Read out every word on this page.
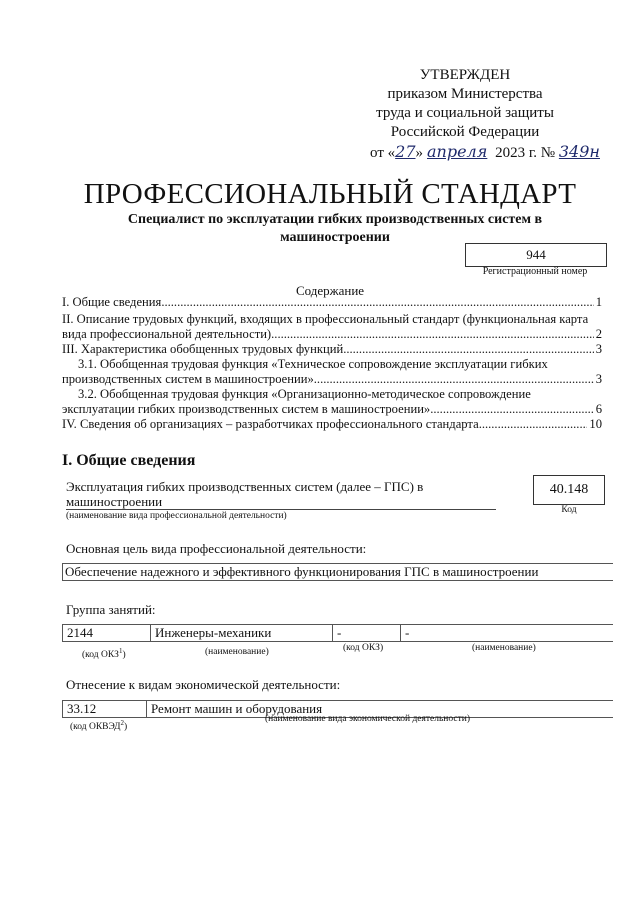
УТВЕРЖДЕН
приказом Министерства
труда и социальной защиты
Российской Федерации
от «27» апреля 2023 г. № 349н
ПРОФЕССИОНАЛЬНЫЙ СТАНДАРТ
Специалист по эксплуатации гибких производственных систем в
машиностроении
944
Регистрационный номер
Содержание
I. Общие сведения .....	1
II. Описание трудовых функций, входящих в профессиональный стандарт (функциональная карта
вида профессиональной деятельности) .....	2
III. Характеристика обобщенных трудовых функций .....	3
3.1. Обобщенная трудовая функция «Техническое сопровождение эксплуатации гибких
производственных систем в машиностроении» .....	3
3.2. Обобщенная трудовая функция «Организационно-методическое сопровождение
эксплуатации гибких производственных систем в машиностроении» .....	6
IV. Сведения об организациях – разработчиках профессионального стандарта .....	10
I. Общие сведения
Эксплуатация гибких производственных систем (далее – ГПС) в
машиностроении
(наименование вида профессиональной деятельности)
40.148
Код
Основная цель вида профессиональной деятельности:
Обеспечение надежного и эффективного функционирования ГПС в машиностроении
Группа занятий:
2144	Инженеры-механики	-	-
(код ОКЗ$^1$)	(наименование)	(код ОКЗ)	(наименование)
Отнесение к видам экономической деятельности:
33.12	Ремонт машин и оборудования
(код ОКВЭД$^2$)
(наименование вида экономической деятельности)
